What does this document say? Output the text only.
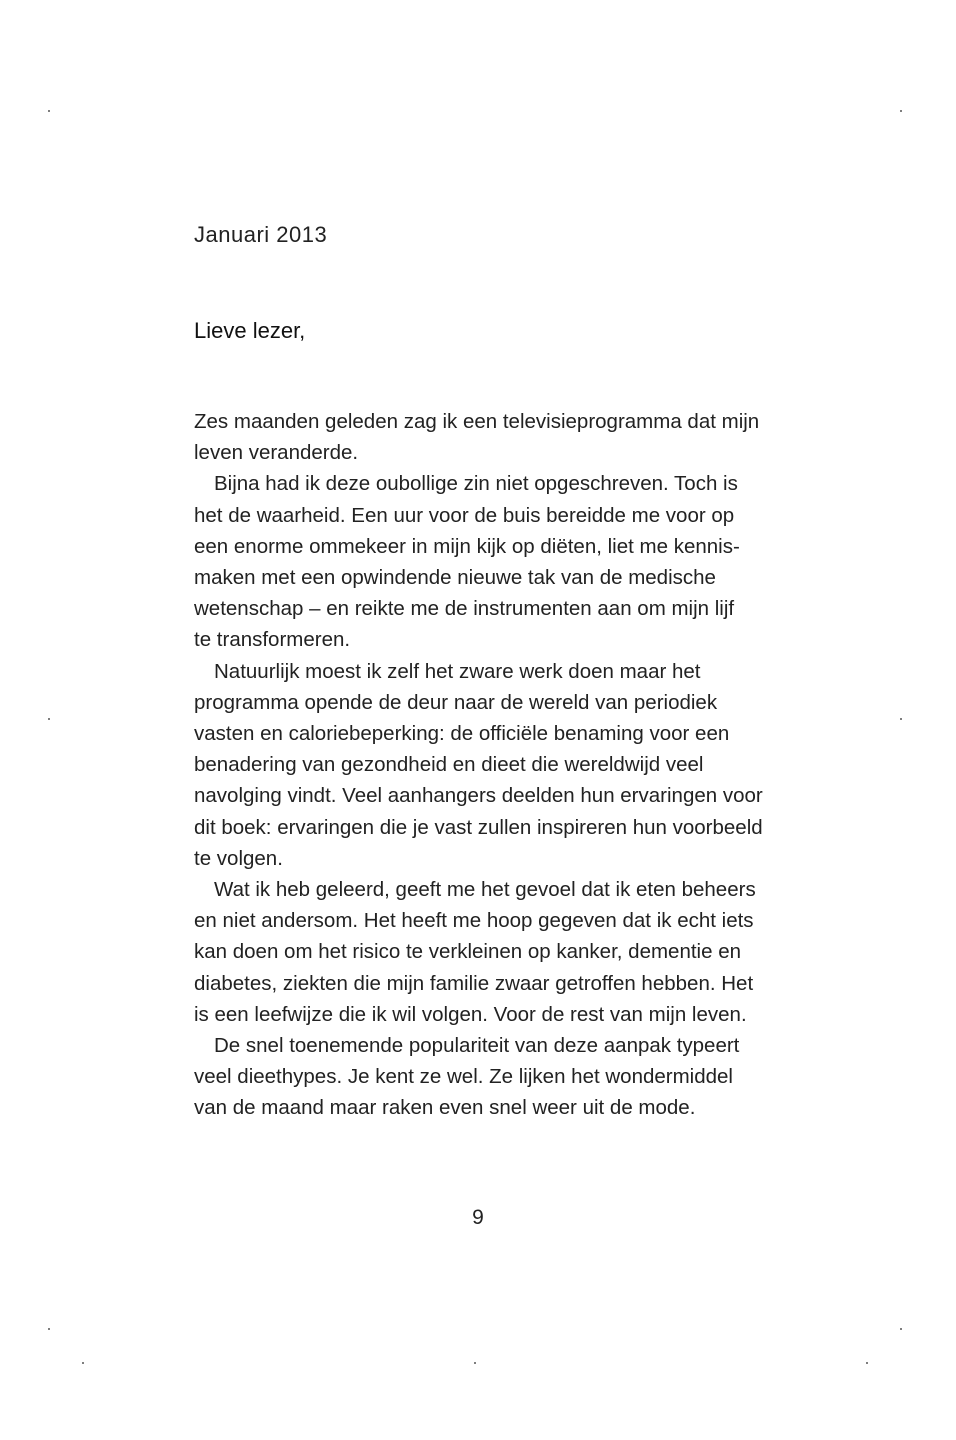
Januari 2013
Lieve lezer,
Zes maanden geleden zag ik een televisieprogramma dat mijn
leven veranderde.
Bijna had ik deze oubollige zin niet opgeschreven. Toch is
het de waarheid. Een uur voor de buis bereidde me voor op
een enorme ommekeer in mijn kijk op diëten, liet me kennis-
maken met een opwindende nieuwe tak van de medische
wetenschap – en reikte me de instrumenten aan om mijn lijf
te transformeren.
Natuurlijk moest ik zelf het zware werk doen maar het
programma opende de deur naar de wereld van periodiek
vasten en caloriebeperking: de officiële benaming voor een
benadering van gezondheid en dieet die wereldwijd veel
navolging vindt. Veel aanhangers deelden hun ervaringen voor
dit boek: ervaringen die je vast zullen inspireren hun voorbeeld
te volgen.
Wat ik heb geleerd, geeft me het gevoel dat ik eten beheers
en niet andersom. Het heeft me hoop gegeven dat ik echt iets
kan doen om het risico te verkleinen op kanker, dementie en
diabetes, ziekten die mijn familie zwaar getroffen hebben. Het
is een leefwijze die ik wil volgen. Voor de rest van mijn leven.
De snel toenemende populariteit van deze aanpak typeert
veel dieethypes. Je kent ze wel. Ze lijken het wondermiddel
van de maand maar raken even snel weer uit de mode.
9
